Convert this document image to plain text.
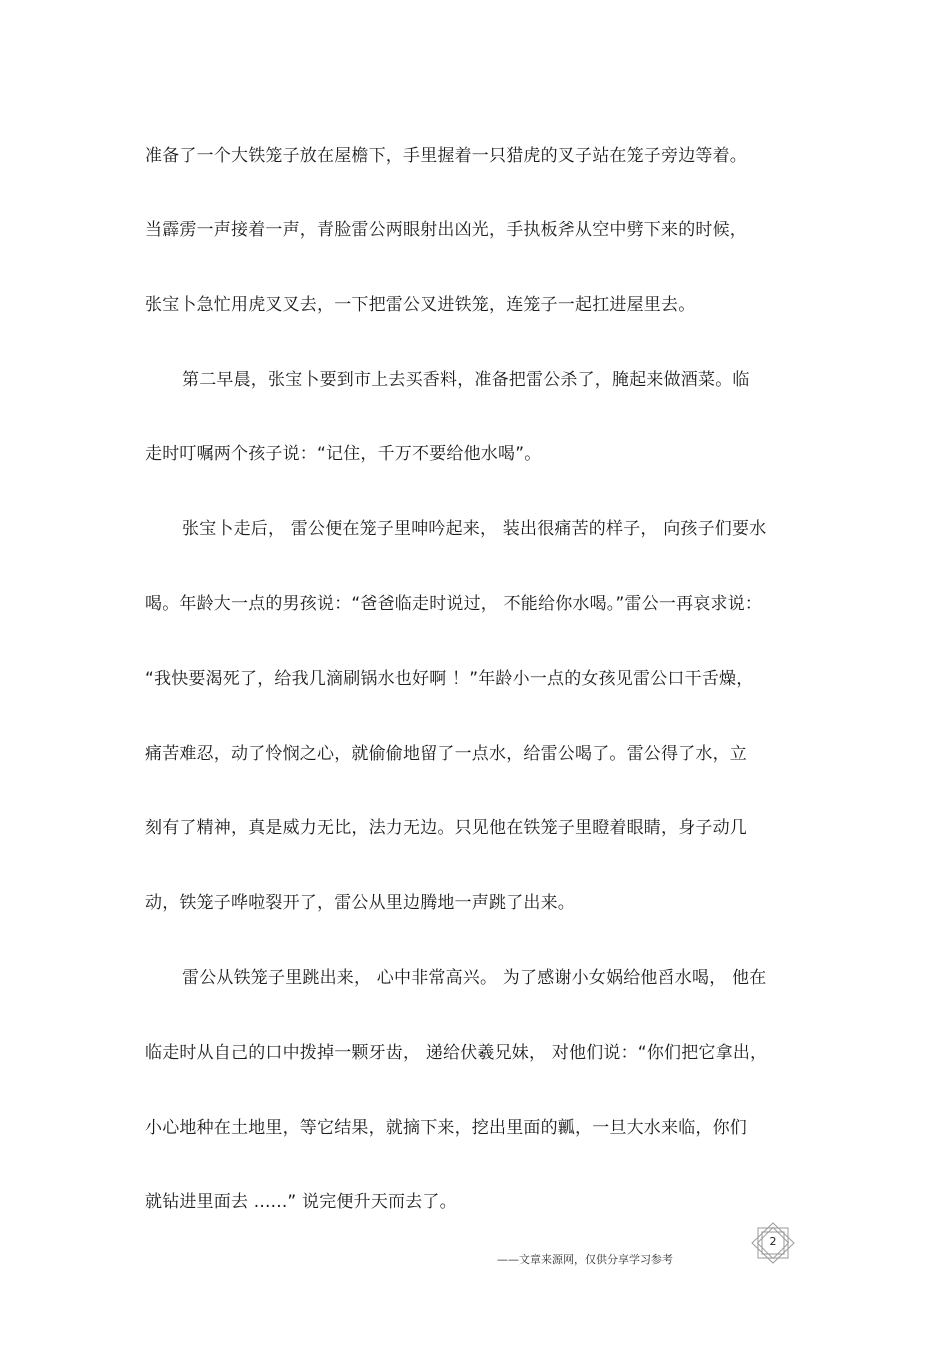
准备了一个大铁笼子放在屋檐下，手里握着一只猎虎的叉子站在笼子旁边等着。
当霹雳一声接着一声，青脸雷公两眼射出凶光，手执板斧从空中劈下来的时候，
张宝卜急忙用虎叉叉去，一下把雷公叉进铁笼，连笼子一起扛进屋里去。
第二早晨，张宝卜要到市上去买香料，准备把雷公杀了，腌起来做酒菜。临
走时叮嘱两个孩子说：“记住，千万不要给他水喝”。
张宝卜走后， 雷公便在笼子里呻吟起来， 装出很痛苦的样子， 向孩子们要水
喝。年龄大一点的男孩说：“爸爸临走时说过， 不能给你水喝。”雷公一再哀求说：
“我快要渴死了，给我几滴刷锅水也好啊 ！”年龄小一点的女孩见雷公口干舌燥，
痛苦难忍，动了怜悯之心，就偷偷地留了一点水，给雷公喝了。雷公得了水，立
刻有了精神，真是威力无比，法力无边。只见他在铁笼子里瞪着眼睛，身子动几
动，铁笼子哗啦裂开了，雷公从里边腾地一声跳了出来。
雷公从铁笼子里跳出来， 心中非常高兴。 为了感谢小女娲给他舀水喝， 他在
临走时从自己的口中拨掉一颗牙齿， 递给伏羲兄妹， 对他们说：“你们把它拿出，
小心地种在土地里，等它结果，就摘下来，挖出里面的瓤，一旦大水来临，你们
就钻进里面去 ......” 说完便升天而去了。
——文章来源网，仅供分享学习参考
2
